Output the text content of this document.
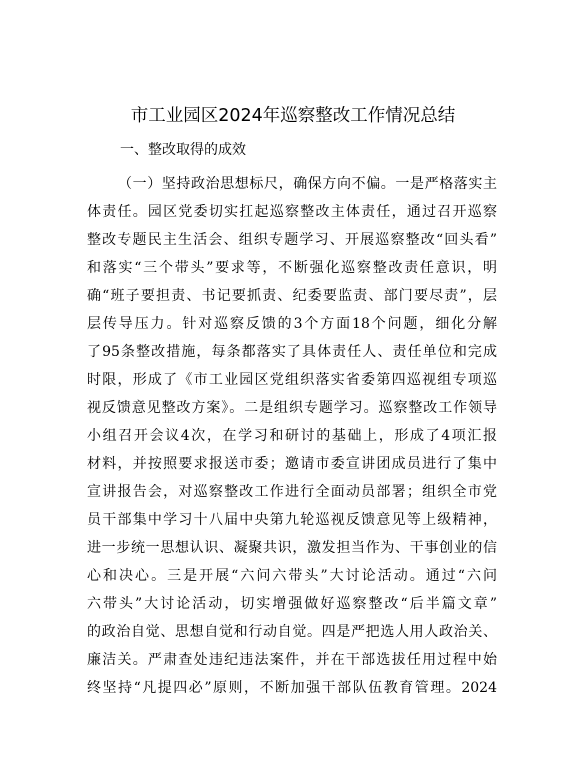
市工业园区2024年巡察整改工作情况总结
一、整改取得的成效
（一）坚持政治思想标尺，确保方向不偏。一是严格落实主
体责任。园区党委切实扛起巡察整改主体责任，通过召开巡察
整改专题民主生活会、组织专题学习、开展巡察整改“回头看”
和落实“三个带头”要求等，不断强化巡察整改责任意识，明
确“班子要担责、书记要抓责、纪委要监责、部门要尽责”，层
层传导压力。针对巡察反馈的3个方面18个问题，细化分解
了95条整改措施，每条都落实了具体责任人、责任单位和完成
时限，形成了《市工业园区党组织落实省委第四巡视组专项巡
视反馈意见整改方案》。二是组织专题学习。巡察整改工作领导
小组召开会议4次，在学习和研讨的基础上，形成了4项汇报
材料，并按照要求报送市委；邀请市委宣讲团成员进行了集中
宣讲报告会，对巡察整改工作进行全面动员部署；组织全市党
员干部集中学习十八届中央第九轮巡视反馈意见等上级精神，
进一步统一思想认识、凝聚共识，激发担当作为、干事创业的信
心和决心。三是开展“六问六带头”大讨论活动。通过“六问
六带头”大讨论活动，切实增强做好巡察整改“后半篇文章”
的政治自觉、思想自觉和行动自觉。四是严把选人用人政治关、
廉洁关。严肃查处违纪违法案件，并在干部选拔任用过程中始
终坚持“凡提四必”原则，不断加强干部队伍教育管理。2024
